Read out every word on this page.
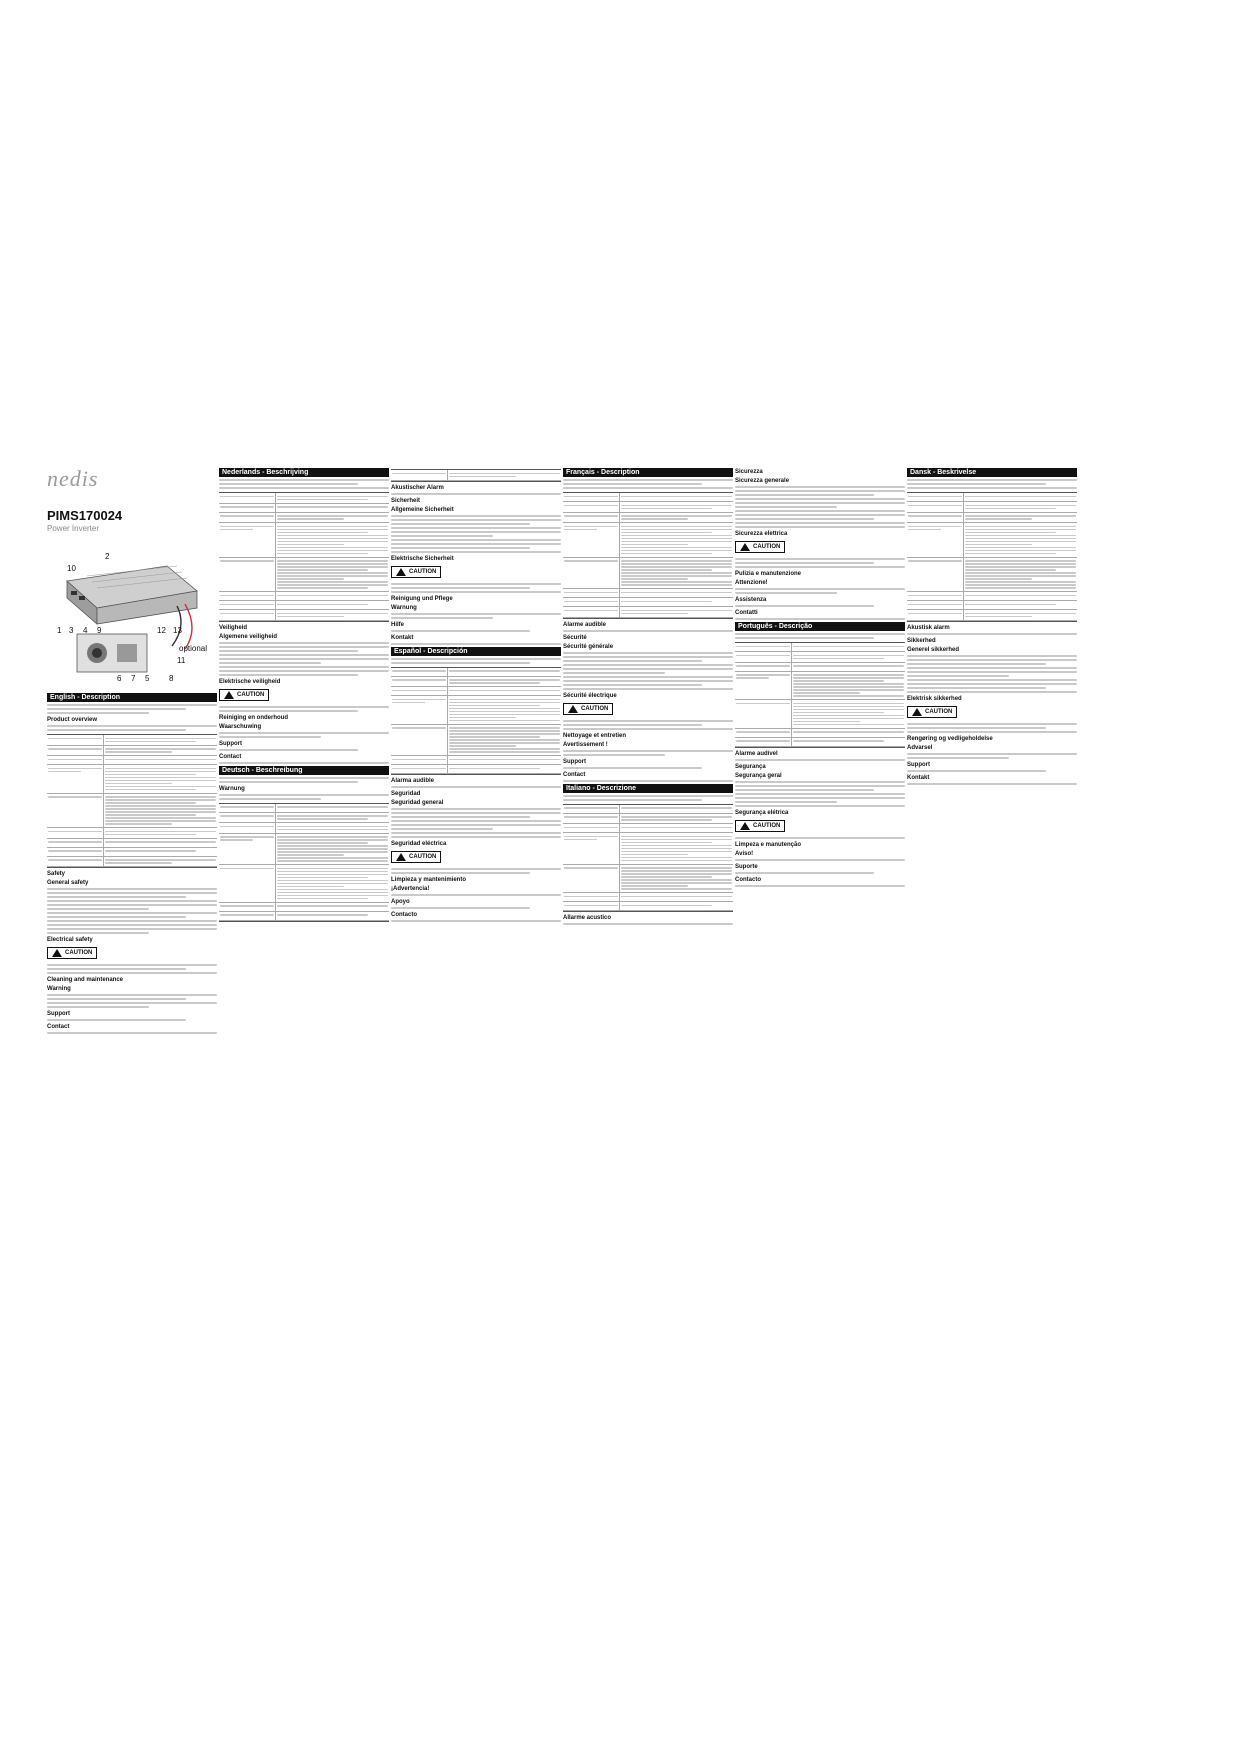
nedis
PIMS170024
Power Inverter
10
2
1 3 4 9	12 13
11
6 7 5 8
optional
English - Description
Product overview
Safety
General safety
Electrical safety
CAUTION
Cleaning and maintenance
Warning
Support
Contact
Nederlands - Beschrijving
Veiligheid
Algemene veiligheid
Elektrische veiligheid
CAUTION
Reiniging en onderhoud
Waarschuwing
Support
Contact
Deutsch - Beschreibung
Warnung
Akustischer Alarm
Sicherheit
Allgemeine Sicherheit
Elektrische Sicherheit
CAUTION
Reinigung und Pflege
Warnung
Hilfe
Kontakt
Español - Descripción
Alarma audible
Seguridad
Seguridad general
Seguridad eléctrica
CAUTION
Limpieza y mantenimiento
¡Advertencia!
Apoyo
Contacto
Français - Description
Alarme audible
Sécurité
Sécurité générale
Sécurité électrique
CAUTION
Nettoyage et entretien
Avertissement !
Support
Contact
Italiano - Descrizione
Allarme acustico
Sicurezza
Sicurezza generale
Sicurezza elettrica
CAUTION
Pulizia e manutenzione
Attenzione!
Assistenza
Contatti
Português - Descrição
Alarme audível
Segurança
Segurança geral
Segurança elétrica
CAUTION
Limpeza e manutenção
Aviso!
Suporte
Contacto
Dansk - Beskrivelse
Akustisk alarm
Sikkerhed
Generel sikkerhed
Elektrisk sikkerhed
CAUTION
Rengøring og vedligeholdelse
Advarsel
Support
Kontakt
